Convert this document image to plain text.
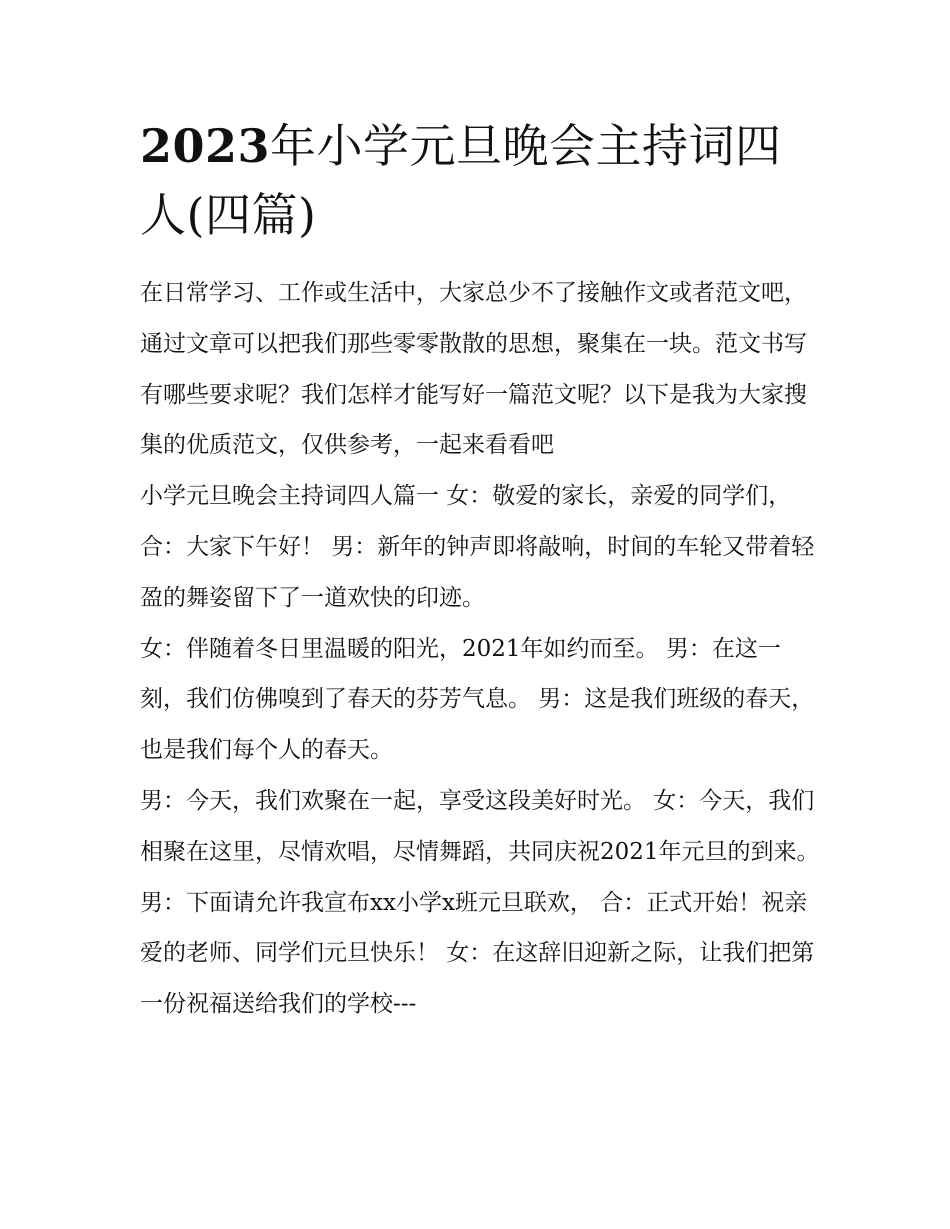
2023年小学元旦晚会主持词四人(四篇)

在日常学习、工作或生活中，大家总少不了接触作文或者范文吧，通过文章可以把我们那些零零散散的思想，聚集在一块。范文书写有哪些要求呢？我们怎样才能写好一篇范文呢？以下是我为大家搜集的优质范文，仅供参考，一起来看看吧

小学元旦晚会主持词四人篇一 女：敬爱的家长，亲爱的同学们， 合：大家下午好！ 男：新年的钟声即将敲响，时间的车轮又带着轻盈的舞姿留下了一道欢快的印迹。

女：伴随着冬日里温暖的阳光，2021年如约而至。 男：在这一刻，我们仿佛嗅到了春天的芬芳气息。 男：这是我们班级的春天，也是我们每个人的春天。

男：今天，我们欢聚在一起，享受这段美好时光。 女：今天，我们相聚在这里，尽情欢唱，尽情舞蹈，共同庆祝2021年元旦的到来。

男：下面请允许我宣布xx小学x班元旦联欢， 合：正式开始！祝亲爱的老师、同学们元旦快乐！ 女：在这辞旧迎新之际，让我们把第一份祝福送给我们的学校---
